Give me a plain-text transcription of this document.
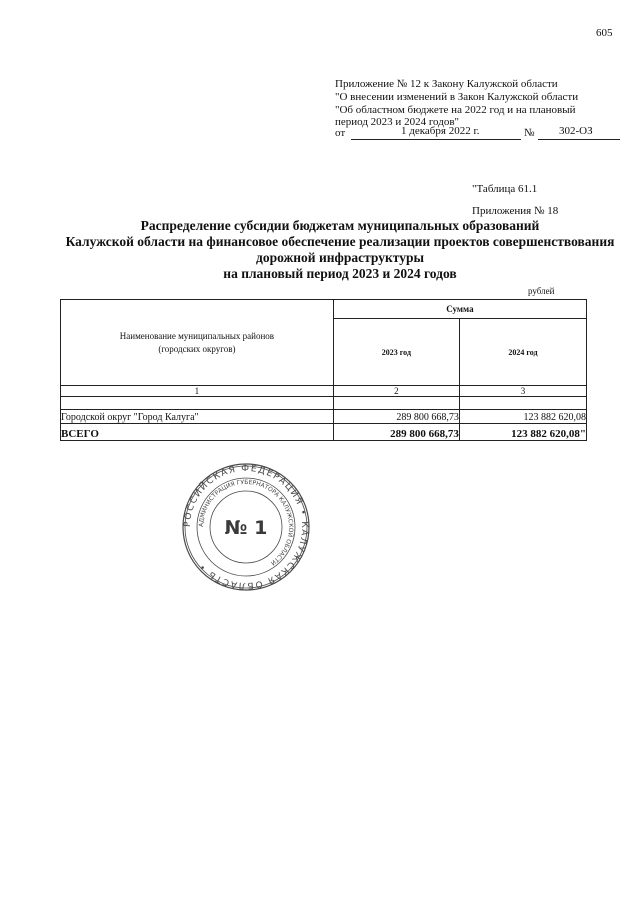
605
Приложение № 12 к Закону Калужской области
"О внесении изменений в Закон Калужской области
"Об областном бюджете на 2022 год и на плановый
период 2023 и 2024 годов"
от	1 декабря 2022 г.	№ 302-ОЗ
"Таблица 61.1
Приложения № 18
Распределение субсидии бюджетам муниципальных образований
Калужской области на финансовое обеспечение реализации проектов совершенствования
дорожной инфраструктуры
на плановый период 2023 и 2024 годов
рублей
Наименование муниципальных районов
(городских округов)	Сумма	
	2023 год	2024 год
1	2	3

Городской округ "Город Калуга"	289 800 668,73	123 882 620,08
ВСЕГО	289 800 668,73	123 882 620,08"
РОССИЙСКАЯ ФЕДЕРАЦИЯ • КАЛУЖСКАЯ ОБЛАСТЬ •
АДМИНИСТРАЦИЯ ГУБЕРНАТОРА КАЛУЖСКОЙ ОБЛАСТИ
№ 1
